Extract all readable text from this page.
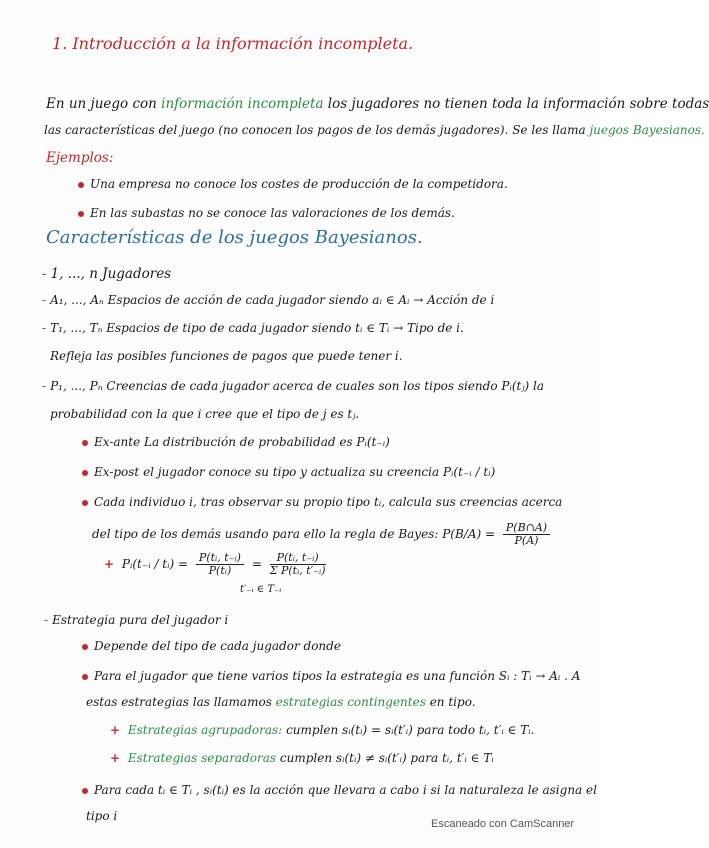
1. Introducción a la información incompleta.
En un juego con información incompleta los jugadores no tienen toda la información sobre todas
las características del juego (no conocen los pagos de los demás jugadores). Se les llama juegos Bayesianos.
Ejemplos:
Una empresa no conoce los costes de producción de la competidora.
En las subastas no se conoce las valoraciones de los demás.
Características de los juegos Bayesianos.
- 1, ..., n Jugadores
- A₁, ..., Aₙ Espacios de acción de cada jugador siendo aᵢ ∈ Aᵢ → Acción de i
- T₁, ..., Tₙ Espacios de tipo de cada jugador siendo tᵢ ∈ Tᵢ → Tipo de i.
Refleja las posibles funciones de pagos que puede tener i.
- P₁, ..., Pₙ Creencias de cada jugador acerca de cuales son los tipos siendo Pᵢ(tⱼ) la
probabilidad con la que i cree que el tipo de j es tⱼ.
Ex-ante La distribución de probabilidad es Pᵢ(t₋ᵢ)
Ex-post el jugador conoce su tipo y actualiza su creencia Pᵢ(t₋ᵢ / tᵢ)
Cada individuo i, tras observar su propio tipo tᵢ, calcula sus creencias acerca
del tipo de los demás usando para ello la regla de Bayes: $P(B/A) = \frac{P(B\cap A)}{P(A)}$
+ Pᵢ(t₋ᵢ / tᵢ) = $\frac{\text{P(tᵢ, t₋ᵢ)}}{\text{P(tᵢ)}} = \frac{\text{P(tᵢ, t₋ᵢ)}}{\text{Σ P(tᵢ, t′₋ᵢ)}}$
t′₋ᵢ ∈ T₋ᵢ
- Estrategia pura del jugador i
Depende del tipo de cada jugador donde
Para el jugador que tiene varios tipos la estrategia es una función Sᵢ : Tᵢ → Aᵢ . A
estas estrategias las llamamos estrategias contingentes en tipo.
+ Estrategias agrupadoras: cumplen sᵢ(tᵢ) = sᵢ(t′ᵢ) para todo tᵢ, t′ᵢ ∈ Tᵢ.
+ Estrategias separadoras cumplen sᵢ(tᵢ) ≠ sᵢ(t′ᵢ) para tᵢ, t′ᵢ ∈ Tᵢ
Para cada tᵢ ∈ Tᵢ , sᵢ(tᵢ) es la acción que llevara a cabo i si la naturaleza le asigna el
tipo i
Escaneado con CamScanner
